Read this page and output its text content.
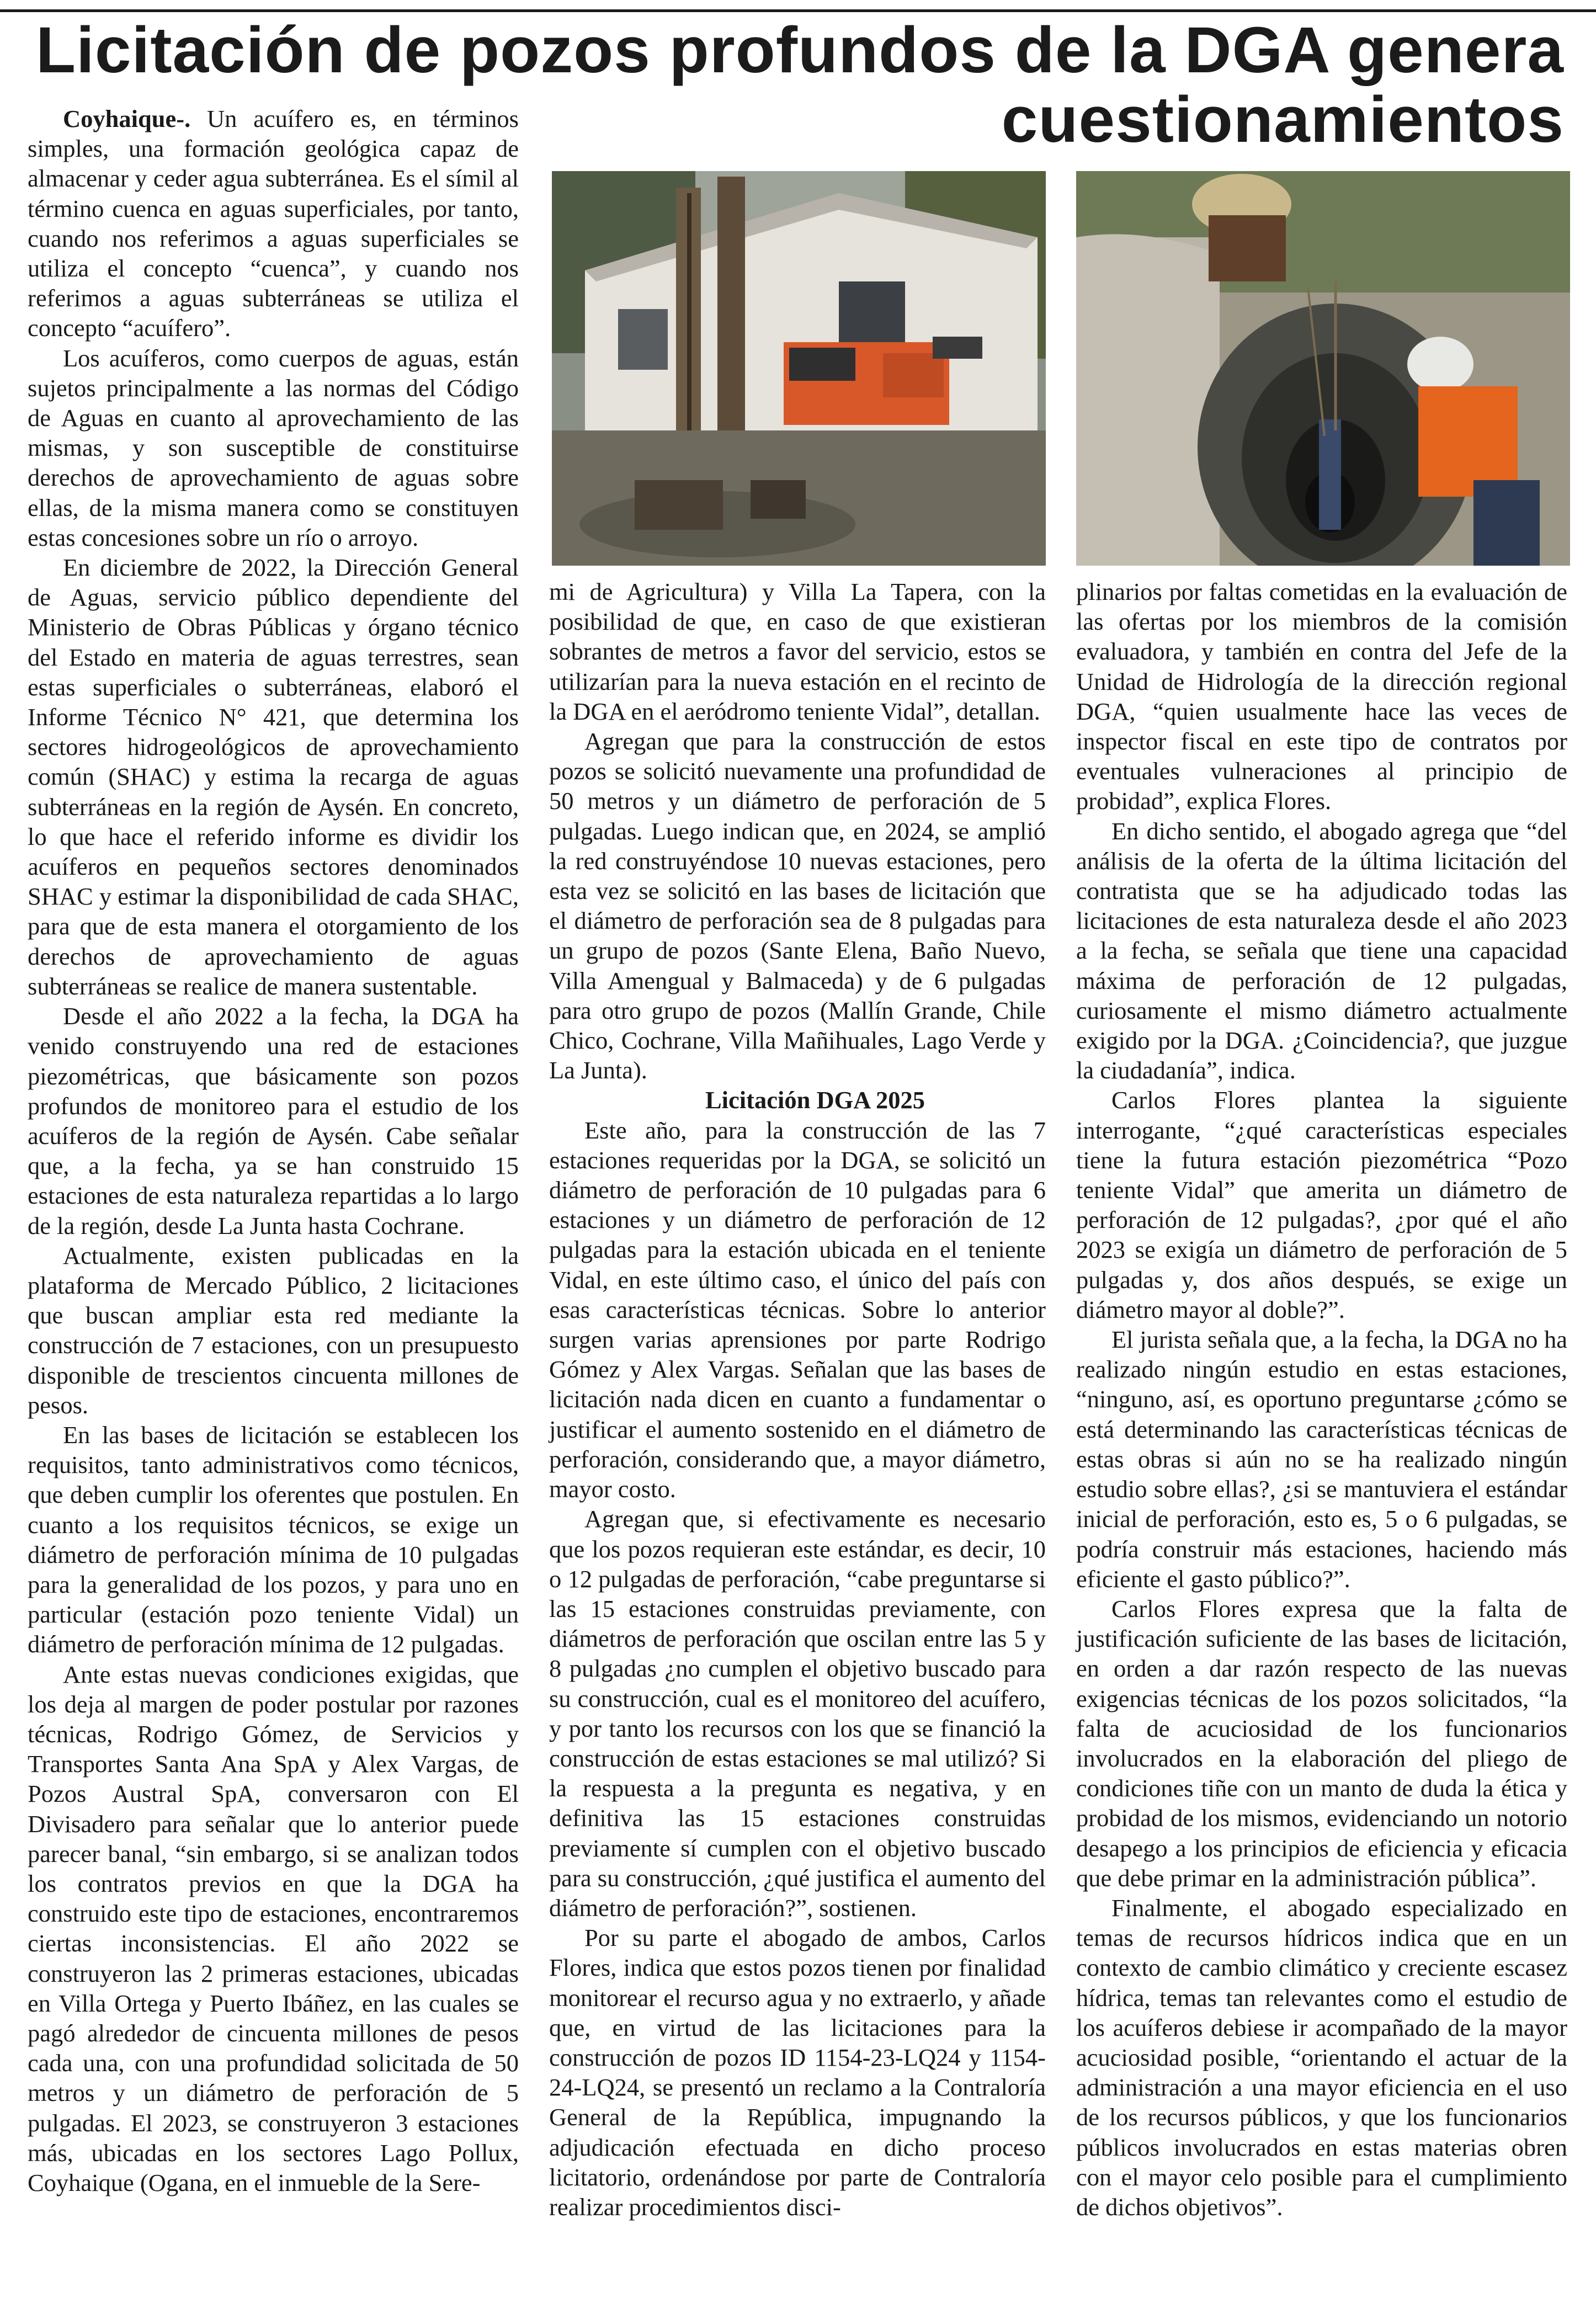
Licitación de pozos profundos de la DGA genera cuestionamientos

Coyhaique-. Un acuífero es, en términos simples, una formación geológica capaz de almacenar y ceder agua subterránea. Es el símil al término cuenca en aguas superficiales, por tanto, cuando nos referimos a aguas superficiales se utiliza el concepto “cuenca”, y cuando nos referimos a aguas subterráneas se utiliza el concepto “acuífero”.

Los acuíferos, como cuerpos de aguas, están sujetos principalmente a las normas del Código de Aguas en cuanto al aprovechamiento de las mismas, y son susceptible de constituirse derechos de aprovechamiento de aguas sobre ellas, de la misma manera como se constituyen estas concesiones sobre un río o arroyo.

En diciembre de 2022, la Dirección General de Aguas, servicio público dependiente del Ministerio de Obras Públicas y órgano técnico del Estado en materia de aguas terrestres, sean estas superficiales o subterráneas, elaboró el Informe Técnico N° 421, que determina los sectores hidrogeológicos de aprovechamiento común (SHAC) y estima la recarga de aguas subterráneas en la región de Aysén. En concreto, lo que hace el referido informe es dividir los acuíferos en pequeños sectores denominados SHAC y estimar la disponibilidad de cada SHAC, para que de esta manera el otorgamiento de los derechos de aprovechamiento de aguas subterráneas se realice de manera sustentable.

Desde el año 2022 a la fecha, la DGA ha venido construyendo una red de estaciones piezométricas, que básicamente son pozos profundos de monitoreo para el estudio de los acuíferos de la región de Aysén. Cabe señalar que, a la fecha, ya se han construido 15 estaciones de esta naturaleza repartidas a lo largo de la región, desde La Junta hasta Cochrane.

Actualmente, existen publicadas en la plataforma de Mercado Público, 2 licitaciones que buscan ampliar esta red mediante la construcción de 7 estaciones, con un presupuesto disponible de trescientos cincuenta millones de pesos.

En las bases de licitación se establecen los requisitos, tanto administrativos como técnicos, que deben cumplir los oferentes que postulen. En cuanto a los requisitos técnicos, se exige un diámetro de perforación mínima de 10 pulgadas para la generalidad de los pozos, y para uno en particular (estación pozo teniente Vidal) un diámetro de perforación mínima de 12 pulgadas.

Ante estas nuevas condiciones exigidas, que los deja al margen de poder postular por razones técnicas, Rodrigo Gómez, de Servicios y Transportes Santa Ana SpA y Alex Vargas, de Pozos Austral SpA, conversaron con El Divisadero para señalar que lo anterior puede parecer banal, “sin embargo, si se analizan todos los contratos previos en que la DGA ha construido este tipo de estaciones, encontraremos ciertas inconsistencias. El año 2022 se construyeron las 2 primeras estaciones, ubicadas en Villa Ortega y Puerto Ibáñez, en las cuales se pagó alrededor de cincuenta millones de pesos cada una, con una profundidad solicitada de 50 metros y un diámetro de perforación de 5 pulgadas. El 2023, se construyeron 3 estaciones más, ubicadas en los sectores Lago Pollux, Coyhaique (Ogana, en el inmueble de la Sere-

mi de Agricultura) y Villa La Tapera, con la posibilidad de que, en caso de que existieran sobrantes de metros a favor del servicio, estos se utilizarían para la nueva estación en el recinto de la DGA en el aeródromo teniente Vidal”, detallan.

Agregan que para la construcción de estos pozos se solicitó nuevamente una profundidad de 50 metros y un diámetro de perforación de 5 pulgadas. Luego indican que, en 2024, se amplió la red construyéndose 10 nuevas estaciones, pero esta vez se solicitó en las bases de licitación que el diámetro de perforación sea de 8 pulgadas para un grupo de pozos (Sante Elena, Baño Nuevo, Villa Amengual y Balmaceda) y de 6 pulgadas para otro grupo de pozos (Mallín Grande, Chile Chico, Cochrane, Villa Mañihuales, Lago Verde y La Junta).

Licitación DGA 2025

Este año, para la construcción de las 7 estaciones requeridas por la DGA, se solicitó un diámetro de perforación de 10 pulgadas para 6 estaciones y un diámetro de perforación de 12 pulgadas para la estación ubicada en el teniente Vidal, en este último caso, el único del país con esas características técnicas. Sobre lo anterior surgen varias aprensiones por parte Rodrigo Gómez y Alex Vargas. Señalan que las bases de licitación nada dicen en cuanto a fundamentar o justificar el aumento sostenido en el diámetro de perforación, considerando que, a mayor diámetro, mayor costo.

Agregan que, si efectivamente es necesario que los pozos requieran este estándar, es decir, 10 o 12 pulgadas de perforación, “cabe preguntarse si las 15 estaciones construidas previamente, con diámetros de perforación que oscilan entre las 5 y 8 pulgadas ¿no cumplen el objetivo buscado para su construcción, cual es el monitoreo del acuífero, y por tanto los recursos con los que se financió la construcción de estas estaciones se mal utilizó? Si la respuesta a la pregunta es negativa, y en definitiva las 15 estaciones construidas previamente sí cumplen con el objetivo buscado para su construcción, ¿qué justifica el aumento del diámetro de perforación?”, sostienen.

Por su parte el abogado de ambos, Carlos Flores, indica que estos pozos tienen por finalidad monitorear el recurso agua y no extraerlo, y añade que, en virtud de las licitaciones para la construcción de pozos ID 1154-23-LQ24 y 1154-24-LQ24, se presentó un reclamo a la Contraloría General de la República, impugnando la adjudicación efectuada en dicho proceso licitatorio, ordenándose por parte de Contraloría realizar procedimientos disci-

plinarios por faltas cometidas en la evaluación de las ofertas por los miembros de la comisión evaluadora, y también en contra del Jefe de la Unidad de Hidrología de la dirección regional DGA, “quien usualmente hace las veces de inspector fiscal en este tipo de contratos por eventuales vulneraciones al principio de probidad”, explica Flores.

En dicho sentido, el abogado agrega que “del análisis de la oferta de la última licitación del contratista que se ha adjudicado todas las licitaciones de esta naturaleza desde el año 2023 a la fecha, se señala que tiene una capacidad máxima de perforación de 12 pulgadas, curiosamente el mismo diámetro actualmente exigido por la DGA. ¿Coincidencia?, que juzgue la ciudadanía”, indica.

Carlos Flores plantea la siguiente interrogante, “¿qué características especiales tiene la futura estación piezométrica “Pozo teniente Vidal” que amerita un diámetro de perforación de 12 pulgadas?, ¿por qué el año 2023 se exigía un diámetro de perforación de 5 pulgadas y, dos años después, se exige un diámetro mayor al doble?”.

El jurista señala que, a la fecha, la DGA no ha realizado ningún estudio en estas estaciones, “ninguno, así, es oportuno preguntarse ¿cómo se está determinando las características técnicas de estas obras si aún no se ha realizado ningún estudio sobre ellas?, ¿si se mantuviera el estándar inicial de perforación, esto es, 5 o 6 pulgadas, se podría construir más estaciones, haciendo más eficiente el gasto público?”.

Carlos Flores expresa que la falta de justificación suficiente de las bases de licitación, en orden a dar razón respecto de las nuevas exigencias técnicas de los pozos solicitados, “la falta de acuciosidad de los funcionarios involucrados en la elaboración del pliego de condiciones tiñe con un manto de duda la ética y probidad de los mismos, evidenciando un notorio desapego a los principios de eficiencia y eficacia que debe primar en la administración pública”.

Finalmente, el abogado especializado en temas de recursos hídricos indica que en un contexto de cambio climático y creciente escasez hídrica, temas tan relevantes como el estudio de los acuíferos debiese ir acompañado de la mayor acuciosidad posible, “orientando el actuar de la administración a una mayor eficiencia en el uso de los recursos públicos, y que los funcionarios públicos involucrados en estas materias obren con el mayor celo posible para el cumplimiento de dichos objetivos”.
